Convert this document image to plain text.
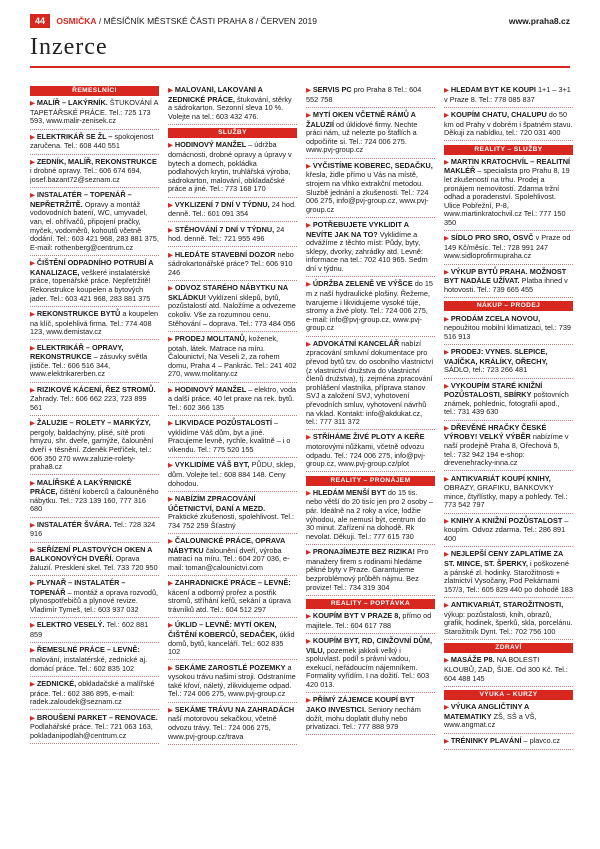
44 OSMIČKA / MĚSÍČNÍK MĚSTSKÉ ČÁSTI PRAHA 8 / ČERVEN 2019	www.praha8.cz
Inzerce
ŘEMESLNÍCI
▶ MALÍŘ – LAKÝRNÍK. ŠTUKOVÁNÍ A TAPETÁŘSKÉ PRÁCE. Tel.: 725 173 593, www.malir-zenisek.cz
▶ ELEKTRIKÁŘ SE ŽL – spokojenost zaručena. Tel.: 608 440 551
▶ ZEDNÍK, MALÍŘ, REKONSTRUKCE i drobné opravy. Tel.: 606 674 694, josef.bazant72@seznam.cz
▶ INSTALATÉR – TOPENÁŘ – NEPŘETRŽITĚ. Opravy a montáž vodovodních baterií, WC, umyvadel, van, el. ohřívačů, připojení pračky, myček, vodoměrů, kohoutů včetně dodání. Tel.: 603 421 968, 283 881 375, E-mail: rothenberg@centrum.cz
▶ ČIŠTĚNÍ ODPADNÍHO POTRUBÍ A KANALIZACE, veškeré instalatérské práce, topenářské práce. Nepřetržitě! Rekonstrukce koupelen a bytových jader. Tel.: 603 421 968, 283 881 375
▶ REKONSTRUKCE BYTŮ a koupelen na klíč, spolehlivá firma. Tel.: 774 408 123, www.demistav.cz
▶ ELEKTRIKÁŘ – OPRAVY, REKONSTRUKCE – zásuvky světla jističe. Tel.: 606 516 344, www.elektrikarerben.cz
▶ RIZIKOVÉ KÁCENÍ, ŘEZ STROMŮ. Zahrady. Tel.: 606 662 223, 723 899 561
▶ ŽALUZIE – ROLETY – MARKÝZY, pergoly, baldachýny, plisé, sítě proti hmyzu, shr. dveře, garnýže, čalounění dveří + těsnění. Zdeněk Petříček, tel.: 606 350 270 www.zaluzie-rolety-praha8.cz
▶ MALÍŘSKÉ A LAKÝRNICKÉ PRÁCE, čištění koberců a čalouněného nábytku. Tel.: 723 139 160, 777 316 680
▶ INSTALATÉR ŠVÁRA. Tel.: 728 324 916
▶ SEŘÍZENÍ PLASTOVÝCH OKEN A BALKONOVÝCH DVEŘÍ. Oprava žaluzií. Preskleni skel. Tel. 733 720 950
▶ PLYNAŘ – INSTALATÉR – TOPENÁŘ – montáž a oprava rozvodů, plynospotřebičů a plynové revize. Vladimír Tymeš, tel.: 603 937 032
▶ ELEKTRO VESELÝ. Tel.: 602 881 859
▶ ŘEMESLNÉ PRÁCE – LEVNĚ: malování, instalatérské, zednické aj. domácí práce. Tel.: 602 835 102
▶ ZEDNICKÉ, obkladačské a malířské práce. Tel.: 602 386 895, e-mail: radek.zaloudek@seznam.cz
▶ BROUŠENÍ PARKET – RENOVACE. Podlahářské práce. Tel.: 721 063 163, pokladanipodlah@centrum.cz
▶ MALOVÁNÍ, LAKOVÁNÍ A ZEDNICKÉ PRÁCE, štukování, stěrky a sádrokarton. Sezonní sleva 10 %. Volejte na tel.: 603 432 476.
SLUŽBY
▶ HODINOVÝ MANŽEL – údržba domácnosti, drobné opravy a úpravy v bytech a domech, pokládka podlahových krytin, truhlářská výroba, sádrokarton, malování, obkladačské práce a jiné. Tel.: 773 168 170
▶ VYKLIZENÍ 7 DNÍ V TÝDNU, 24 hod. denně. Tel.: 601 091 354
▶ STĚHOVÁNÍ 7 DNÍ V TÝDNU, 24 hod. denně. Tel.: 721 955 496
▶ HLEDÁTE STAVEBNÍ DOZOR nebo sádrokartonářské práce? Tel.: 606 910 246
▶ ODVOZ STARÉHO NÁBYTKU NA SKLÁDKU! Vyklízení sklepů, bytů, pozůstalostí atd. Naložíme a odvezeme cokoliv. Vše za rozumnou cenu. Stěhování – doprava. Tel.: 773 484 056
▶ PRODEJ MOLITANŮ, koženek, potah. látek. Matrace na míru. Čalounictví, Na Veseli 2, za rohem domu, Praha 4 – Pankrác. Tel.: 241 402 270, www.molitany.cz
▶ HODINOVÝ MANŽEL – elektro, voda a další práce. 40 let praxe na rek. bytů. Tel.: 602 366 135
▶ LIKVIDACE POZŮSTALOSTÍ – vyklidíme Váš dům, byt a jiné. Pracujeme levně, rychle, kvalitně – i o víkendu. Tel.: 775 520 155
▶ VYKLIDÍME VÁŠ BYT, PŮDU, sklep, dům. Volejte tel.: 608 884 148. Ceny dohodou.
▶ NABÍZÍM ZPRACOVÁNÍ ÚČETNICTVÍ, DANÍ A MEZD. Praktické zkušenosti, spolehlivost. Tel.: 734 752 259 Šťastný
▶ ČALOUNICKÉ PRÁCE, OPRAVA NÁBYTKU čalounění dveří, výroba matrací na míru. Tel.: 604 207 036, e-mail: toman@calounictvi.com
▶ ZAHRADNICKÉ PRÁCE – LEVNĚ: kácení a odborný prořez a postřik stromů, stříhání keřů, sekání a úprava trávníků atd. Tel.: 604 512 297
▶ ÚKLID – LEVNĚ: MYTÍ OKEN, ČIŠTĚNÍ KOBERCŮ, SEDAČEK, úklid domů, bytů, kanceláří. Tel.: 602 835 102
▶ SEKÁME ZAROSTLÉ POZEMKY a vysokou trávu našimi stroji. Odstraníme také křoví, náletý, zlikvidujeme odpad. Tel.: 724 006 275, www.pvj-group.cz
▶ SEKÁME TRÁVU NA ZAHRADÁCH naší motorovou sekačkou, včetně odvozu trávy. Tel.: 724 006 275, www.pvj-group.cz/trava
▶ SERVIS PC pro Praha 8 Tel.: 604 552 758
▶ MYTÍ OKEN VČETNĚ RÁMŮ A ŽALUZIÍ od úklidové firmy. Nechte práci nám, už nelezte po štaflích a odpočiňte si. Tel.: 724 006 275. www.pvj-group.cz
▶ VYČISTÍME KOBEREC, SEDAČKU, křesla, židle přímo u Vás na místě, strojem na vlhko extrakční metodou. Sluzbě jednání a zkušenosti. Tel.: 724 006 275, info@pvj-group.cz, www.pvj-group.cz
▶ POTŘEBUJETE VYKLIDIT A NEVÍTE JAK NA TO? Vyklidíme a odvážíme z těchto míst: Půdy, byty, sklepy, dvorky, zahrádky atd. Levně: informace na tel.: 702 410 965. Sedm dní v týdnu.
▶ ÚDRŽBA ZELENĚ VE VÝŠCE do 15 m z naší hydraulické plošiny. Řežeme, tvarujeme i likvidujeme vysoké túje, stromy a živé ploty. Tel.: 724 006 275, e-mail: info@pvj-group.cz, www.pvj-group.cz
▶ ADVOKÁTNÍ KANCELÁŘ nabízí zpracování smluvní dokumentace pro převod bytů tzv. do osobního vlastnictví (z vlastnictví družstva do vlastnictví členů družstva), tj. zejména zpracování prohlášení vlastníka, příprava stanov SVJ a založení SVJ, vyhotovení převodních smluv, vyhotovení návrhů na vklad. Kontakt: info@akdukat.cz, tel.: 777 311 372
▶ STŘÍHÁME ŽIVÉ PLOTY A KEŘE motorovými nůžkami, včetně odvozu odpadu. Tel.: 724 006 275, info@pvj-group.cz, www.pvj-group.cz/plot
REALITY – PRONÁJEM
▶ HLEDÁM MENŠÍ BYT do 15 tis. nebo větší do 20 tisíc jen pro 2 osoby – pár. Ideálně na 2 roky a více, lodžie výhodou, ale nemusí být, centrum do 30 minut. Zařízení na dohodě. Rk nevolat. Děkuji. Tel.: 777 615 730
▶ PRONAJÍMEJTE BEZ RIZIKA! Pro manažery firem s rodinami hledáme pěkné byty v Praze. Garantujeme bezproblémový průběh nájmu. Bez provize! Tel.: 734 319 304
REALITY – POPTÁVKA
▶ KOUPÍM BYT V PRAZE 8, přímo od majitele. Tel.: 604 617 788
▶ KOUPÍM BYT, RD, CINŽOVNÍ DŮM, VILU, pozemek jakkoli velký i spoluvlast. podíl s právní vadou, exekucí, neřádoucím nájemníkem. Formality vyřídím. I na dožití. Tel.: 603 420 013.
▶ PŘÍMÝ ZÁJEMCE KOUPÍ BYT JAKO INVESTICI. Seniory nechám dožít, mohu doplatit dluhy nebo privatizaci. Tel.: 777 888 979
▶ HLEDÁM BYT KE KOUPI 1+1 – 3+1 v Praze 8. Tel.: 778 085 837
▶ KOUPÍM CHATU, CHALUPU do 50 km od Prahy v dobrém i špatném stavu. Děkuji za nabídku, tel.: 720 031 400
REALITY – SLUŽBY
▶ MARTIN KRATOCHVÍL – REALITNÍ MAKLÉŘ – specialista pro Prahu 8, 19 let zkušeností na trhu. Prodej a pronájem nemovitostí. Zdarma tržní odhad a poradenství. Spolehlivost. Ulice Pobřežní, P-8, www.martinkratochvil.cz Tel.: 777 150 350
▶ SÍDLO PRO SRO, OSVČ v Praze od 149 Kč/měsíc. Tel.: 728 991 247 www.sidloprofirmupraha.cz
▶ VÝKUP BYTŮ PRAHA. MOŽNOST BYT NADÁLE UŽÍVAT. Platba ihned v hotovosti. Tel.: 739 665 455
NÁKUP – PRODEJ
▶ PRODÁM ZCELA NOVOU, nepoužitou mobilní klimatizaci, tel.: 739 516 913
▶ PRODEJ: VYNES. SLEPICE, VAJÍČKA, KRÁLÍKY, OŘECHY, SÁDLO, tel.: 723 266 481
▶ VYKOUPÍM STARÉ KNIŽNÍ POZŮSTALOSTI, SBÍRKY poštovních známek, pohlednic, fotografií apod., tel.: 731 439 630
▶ DŘEVĚNÉ HRAČKY ČESKÉ VÝROBY! VELKÝ VÝBĚR nabízíme v naší prodejně Praha 8, Ořechová 5, tel.: 732 942 194 e-shop: drevenehracky-inna.cz
▶ ANTIKVARIÁT KOUPÍ KNIHY, OBRAZY, GRAFIKU, BANKOVKY mince, čtyřlístky, mapy a pohledy. Tel.: 773 542 797
▶ KNIHY A KNIŽNÍ POZŮSTALOST – koupím. Odvoz zdarma. Tel.: 286 891 400
▶ NEJLEPŠÍ CENY ZAPLATÍME ZA ST. MINCE, ST. ŠPERKY, i poškozené a pánské zl. hodinky. Starožitnosti + zlatnictví Vysočany, Pod Pekárnami 157/3, Tel.: 605 829 440 po dohodě 183
▶ ANTIKVARIÁT, STAROŽITNOSTI, výkup: pozůstalosti, knih, obrazů, grafik, hodinek, šperků, skla, porcelánu. Starožitník Dynt. Tel.: 702 756 100
ZDRAVÍ
▶ MASÁŽE P8. NA BOLESTI KLOUBŮ, ZAD, ŠIJE. Od 300 Kč. Tel.: 604 488 145
VÝUKA – KURZY
▶ VÝUKA ANGLIČTINY A MATEMATIKY ZŠ, SŠ a VŠ, www.angmat.cz
▶ TRÉNINKY PLAVÁNÍ – plavco.cz
